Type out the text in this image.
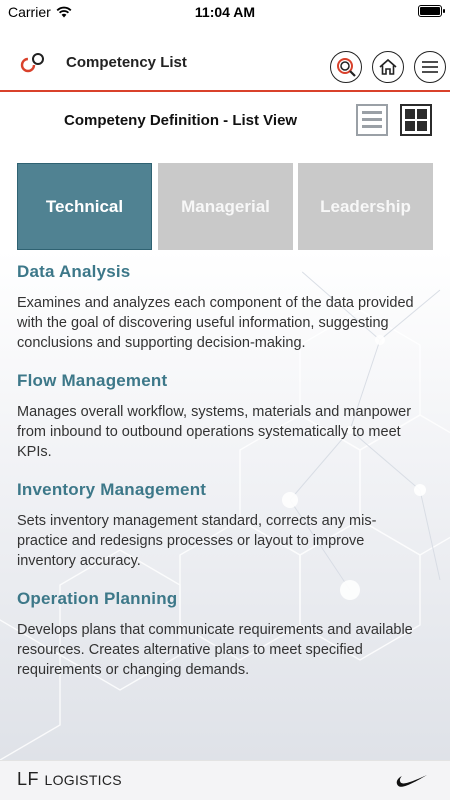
Carrier	11:04 AM
Competency List
Competeny Definition - List View
Technical	Managerial	Leadership
Data Analysis

Examines and analyzes each component of the data provided with the goal of discovering useful information, suggesting conclusions and supporting decision-making.

Flow Management

Manages overall workflow, systems, materials and manpower from inbound to outbound operations systematically to meet KPIs.

Inventory Management

Sets inventory management standard, corrects any mis-practice and redesigns processes or layout to improve inventory accuracy.

Operation Planning

Develops plans that communicate requirements and available resources. Creates alternative plans to meet specified requirements or changing demands.

LF LOGISTICS
